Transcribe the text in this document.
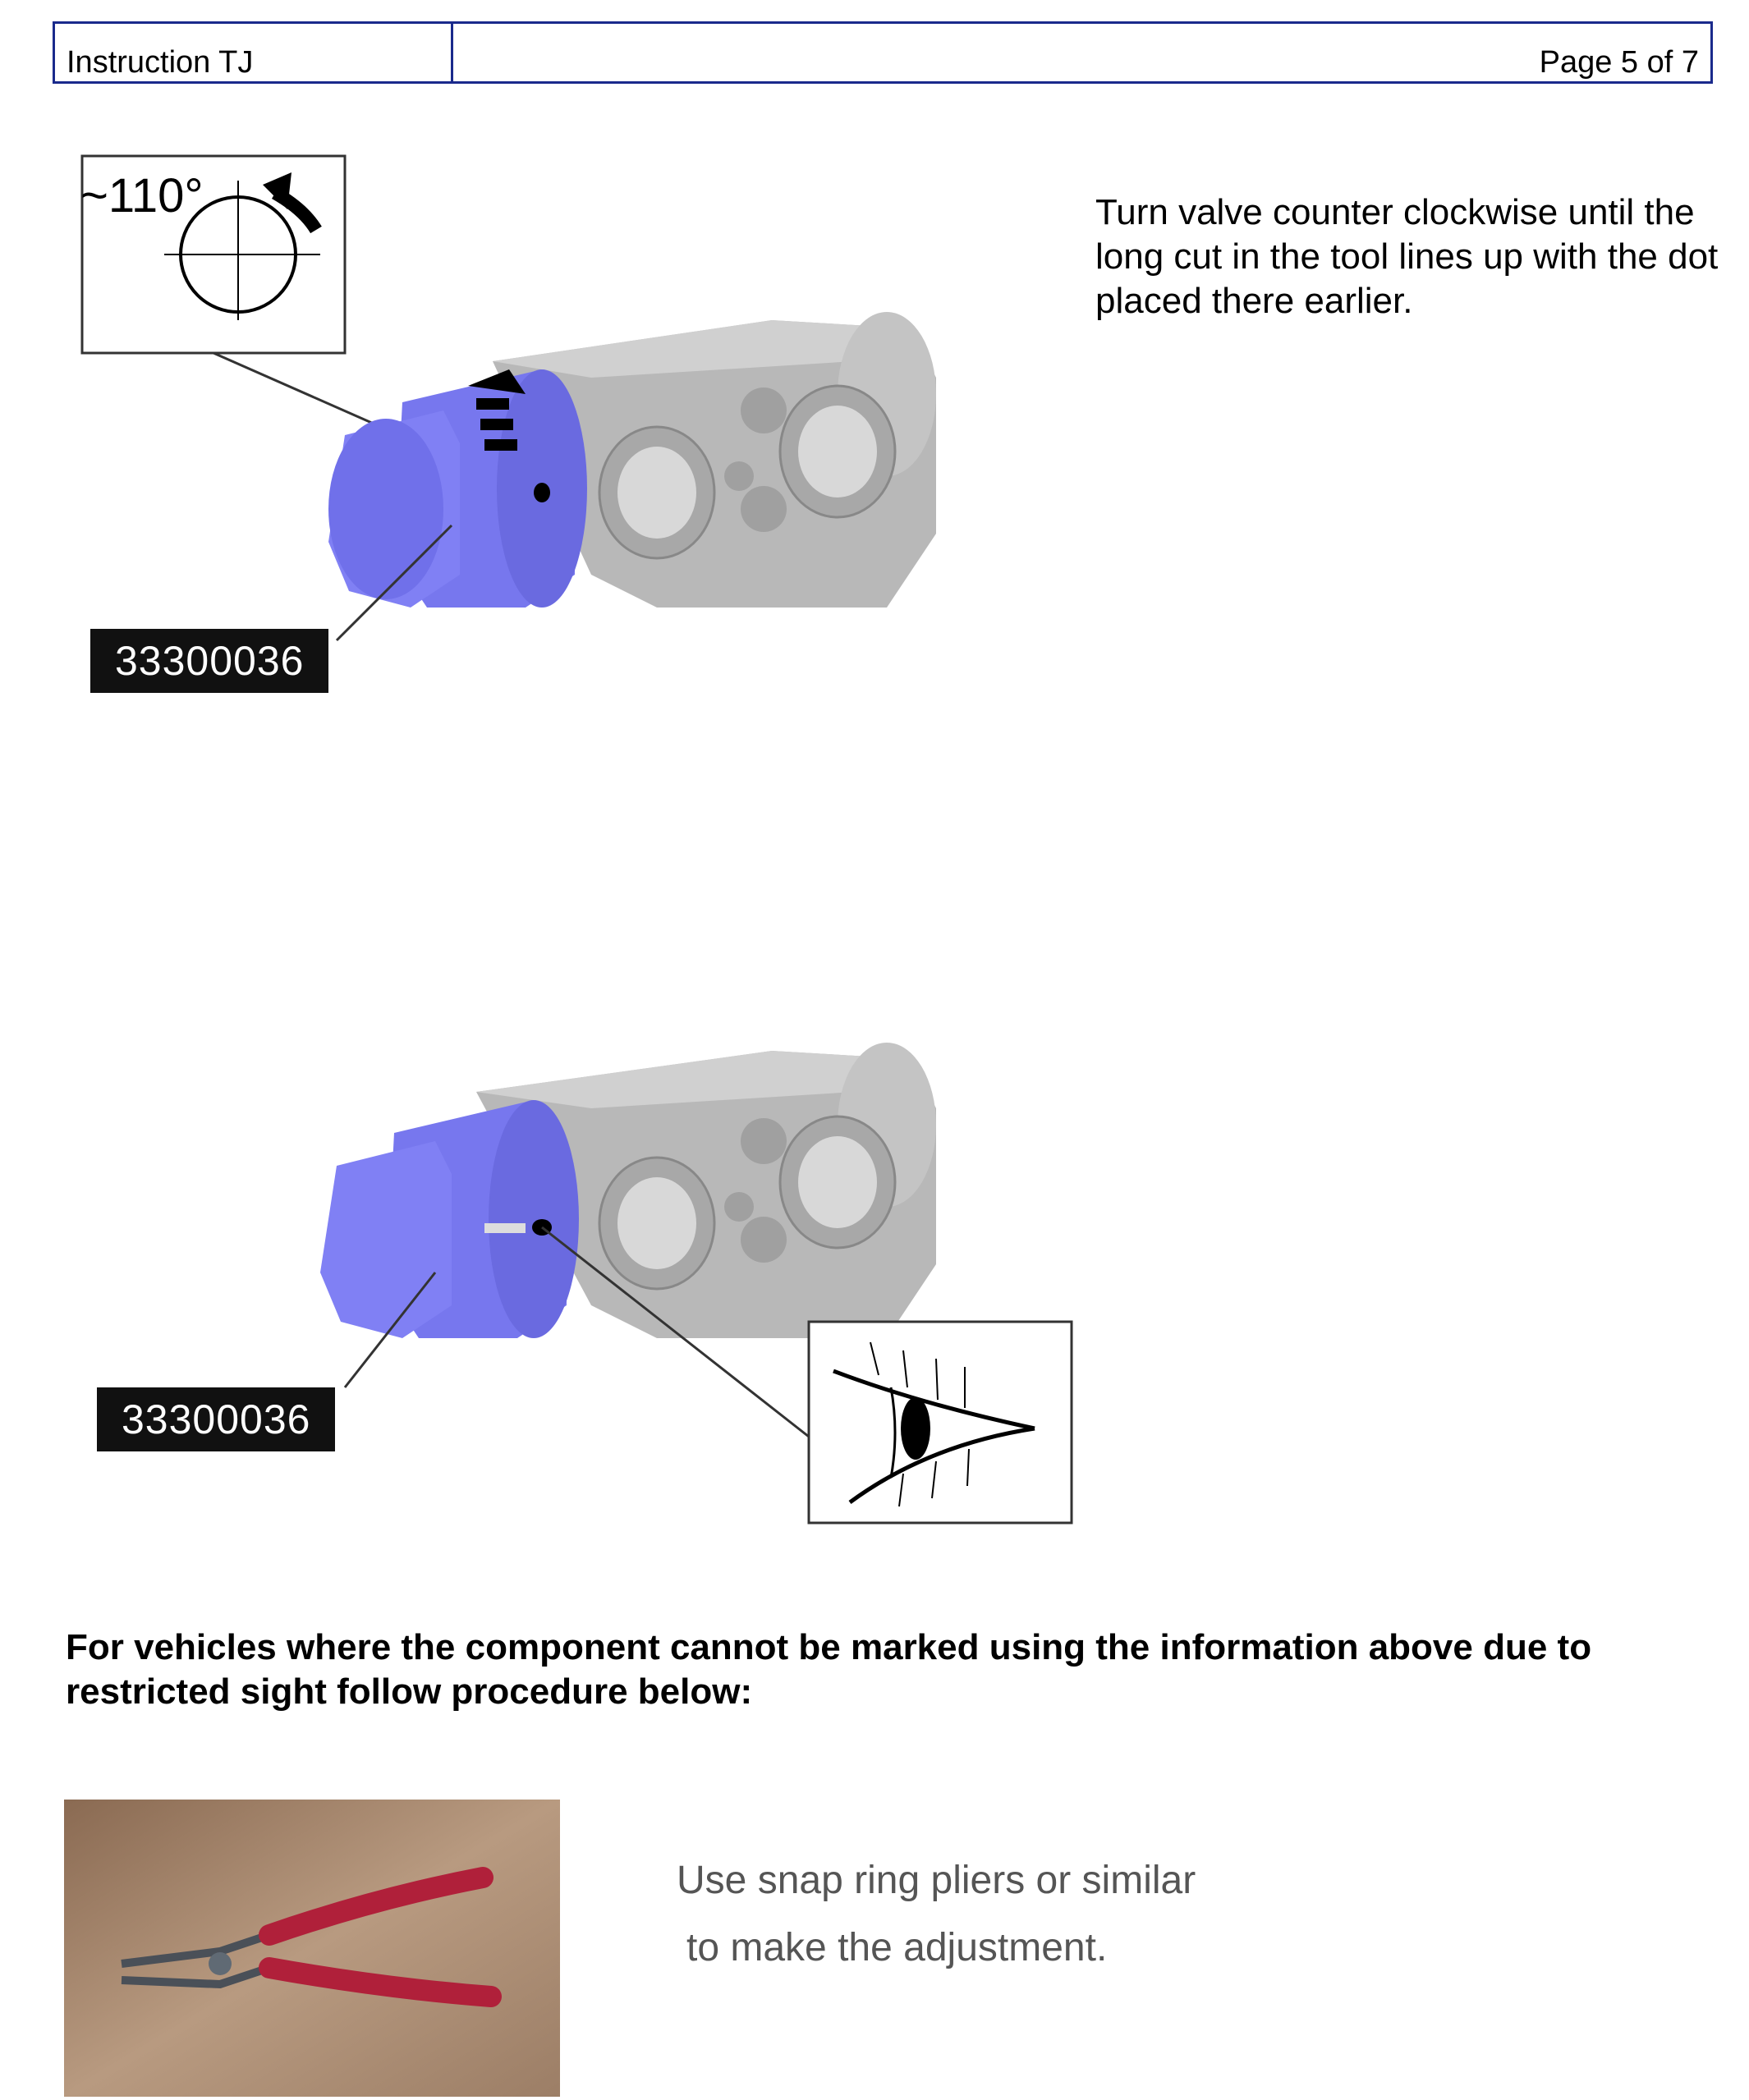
Instruction TJ	Page 5 of 7
~110°
33300036
Turn valve counter clockwise until the long cut in the tool lines up with the dot placed there earlier.
33300036
For vehicles where the component cannot be marked using the information above due to restricted sight follow procedure below:
Use snap ring pliers or similar
to make the adjustment.
